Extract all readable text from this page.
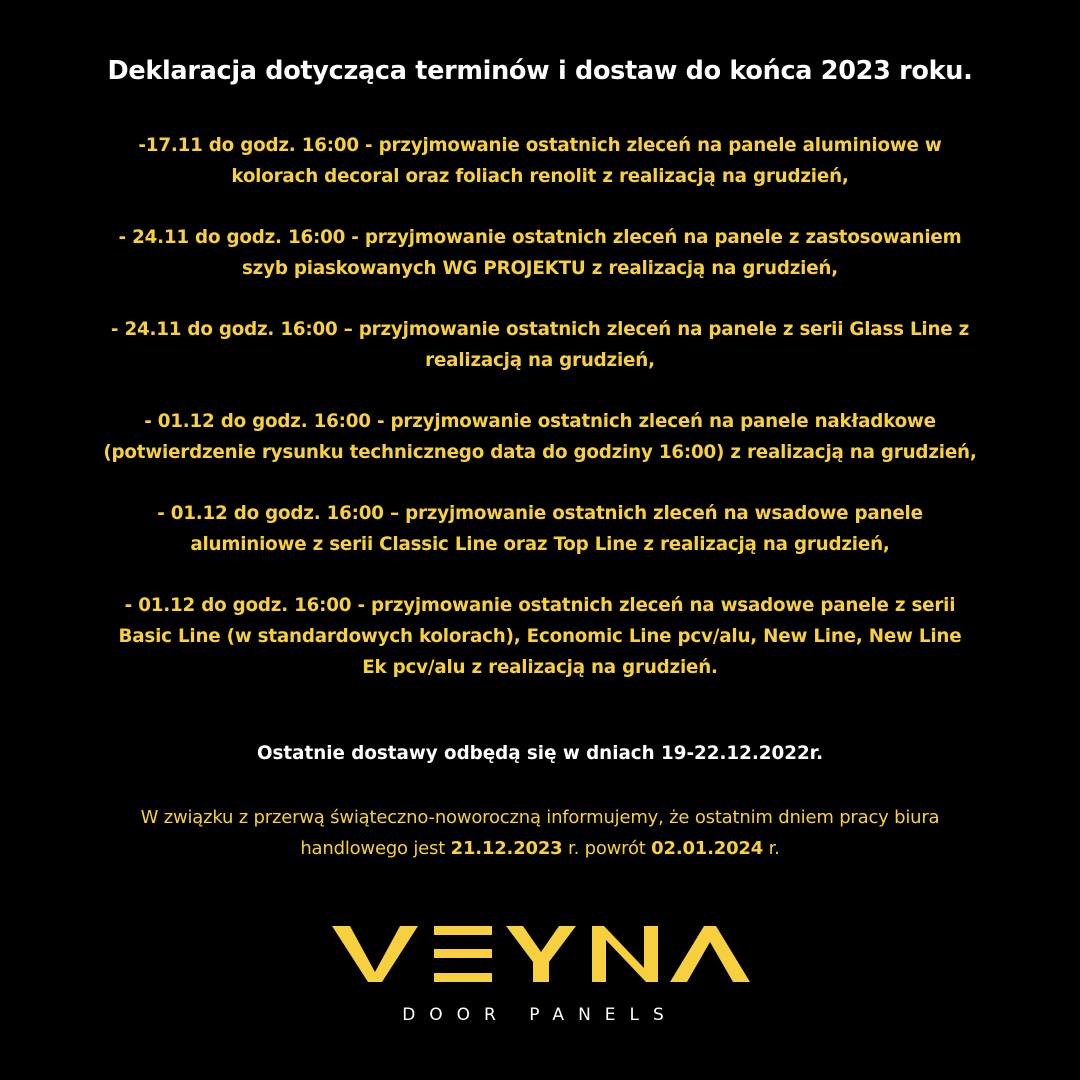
Deklaracja dotycząca terminów i dostaw do końca 2023 roku.
-17.11 do godz. 16:00 - przyjmowanie ostatnich zleceń na panele aluminiowe w
kolorach decoral oraz foliach renolit z realizacją na grudzień,
- 24.11 do godz. 16:00 - przyjmowanie ostatnich zleceń na panele z zastosowaniem
szyb piaskowanych WG PROJEKTU z realizacją na grudzień,
- 24.11 do godz. 16:00 – przyjmowanie ostatnich zleceń na panele z serii Glass Line z
realizacją na grudzień,
- 01.12 do godz. 16:00 - przyjmowanie ostatnich zleceń na panele nakładkowe
(potwierdzenie rysunku technicznego data do godziny 16:00) z realizacją na grudzień,
- 01.12 do godz. 16:00 – przyjmowanie ostatnich zleceń na wsadowe panele
aluminiowe z serii Classic Line oraz Top Line z realizacją na grudzień,
- 01.12 do godz. 16:00 - przyjmowanie ostatnich zleceń na wsadowe panele z serii
Basic Line (w standardowych kolorach), Economic Line pcv/alu, New Line, New Line
Ek pcv/alu z realizacją na grudzień.
Ostatnie dostawy odbędą się w dniach 19-22.12.2022r.
W związku z przerwą świąteczno-noworoczną informujemy, że ostatnim dniem pracy biura
handlowego jest 21.12.2023 r. powrót 02.01.2024 r.
DOOR PANELS
